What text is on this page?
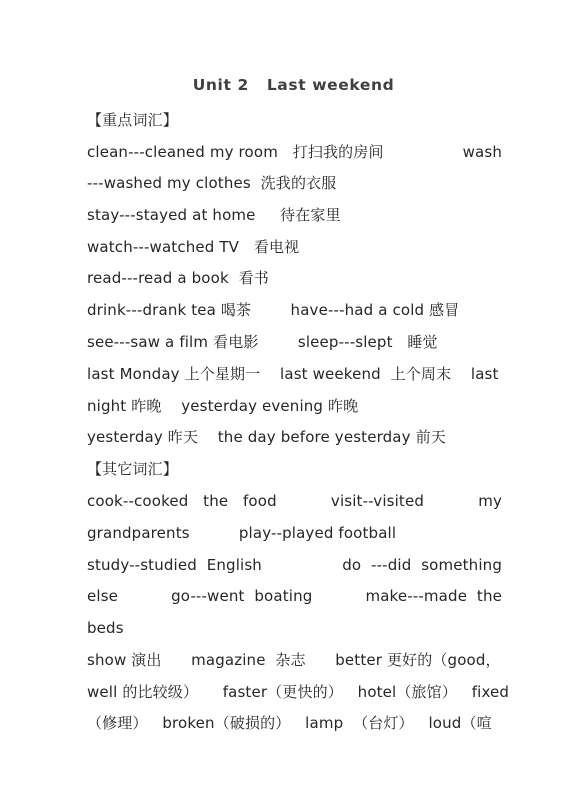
Unit 2   Last weekend
【重点词汇】
clean---cleaned my room   打扫我的房间	wash
---washed my clothes  洗我的衣服
stay---stayed at home     待在家里
watch---watched TV   看电视
read---read a book  看书
drink---drank tea 喝茶        have---had a cold 感冒
see---saw a film 看电影        sleep---slept   睡觉
last Monday 上个星期一    last weekend  上个周末    last
night 昨晚    yesterday evening 昨晚
yesterday 昨天    the day before yesterday 前天
【其它词汇】
cook--cooked   the   food	visit--visited	my
grandparents          play--played football
study--studied  English	do  ---did  something
else	go---went  boating	make---made  the
beds
show 演出      magazine  杂志      better 更好的（good，
well 的比较级）     faster（更快的）   hotel（旅馆）   fixed
（修理）   broken（破损的）   lamp  （台灯）   loud（喧
